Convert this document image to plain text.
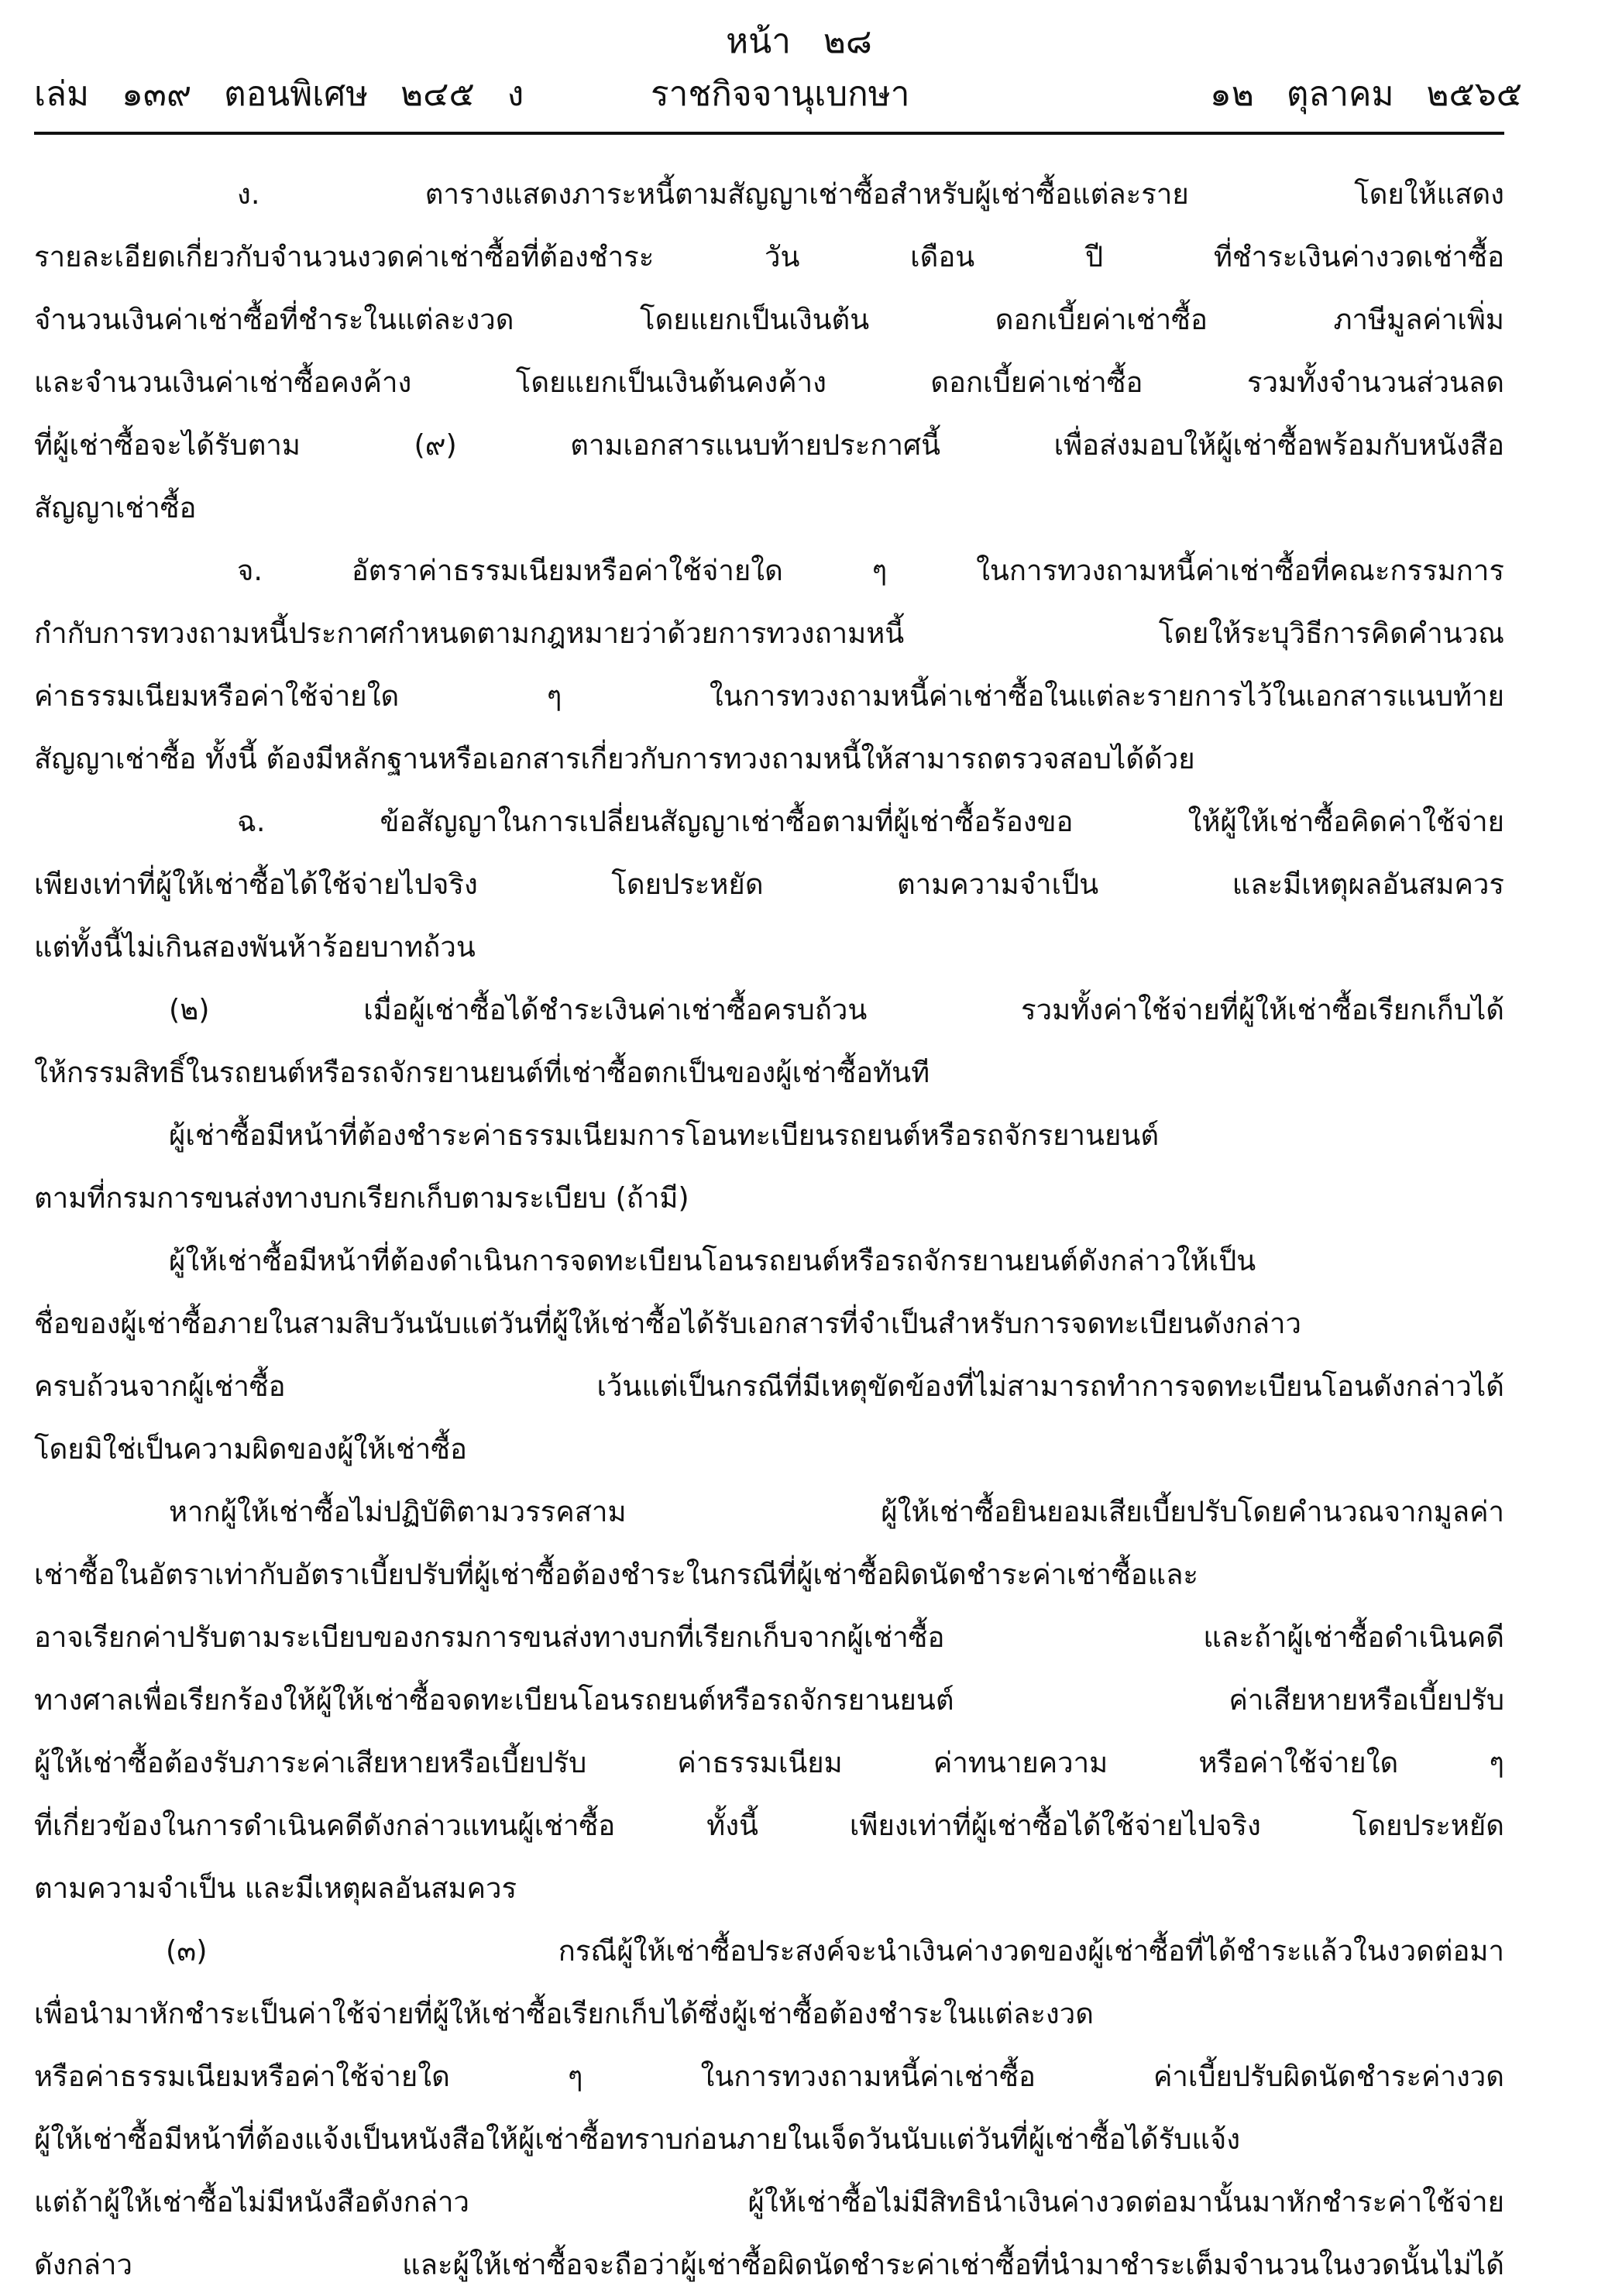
หน้า   ๒๘
เล่ม   ๑๓๙   ตอนพิเศษ   ๒๔๕   ง	ราชกิจจานุเบกษา	๑๒   ตุลาคม   ๒๕๖๕
ง. ตารางแสดงภาระหนี้ตามสัญญาเช่าซื้อสำหรับผู้เช่าซื้อแต่ละราย โดยให้แสดง
รายละเอียดเกี่ยวกับจำนวนงวดค่าเช่าซื้อที่ต้องชำระ วัน เดือน ปี ที่ชำระเงินค่างวดเช่าซื้อ
จำนวนเงินค่าเช่าซื้อที่ชำระในแต่ละงวด โดยแยกเป็นเงินต้น ดอกเบี้ยค่าเช่าซื้อ ภาษีมูลค่าเพิ่ม
และจำนวนเงินค่าเช่าซื้อคงค้าง โดยแยกเป็นเงินต้นคงค้าง ดอกเบี้ยค่าเช่าซื้อ รวมทั้งจำนวนส่วนลด
ที่ผู้เช่าซื้อจะได้รับตาม (๙) ตามเอกสารแนบท้ายประกาศนี้ เพื่อส่งมอบให้ผู้เช่าซื้อพร้อมกับหนังสือ
สัญญาเช่าซื้อ
จ. อัตราค่าธรรมเนียมหรือค่าใช้จ่ายใด ๆ ในการทวงถามหนี้ค่าเช่าซื้อที่คณะกรรมการ
กำกับการทวงถามหนี้ประกาศกำหนดตามกฎหมายว่าด้วยการทวงถามหนี้ โดยให้ระบุวิธีการคิดคำนวณ
ค่าธรรมเนียมหรือค่าใช้จ่ายใด ๆ ในการทวงถามหนี้ค่าเช่าซื้อในแต่ละรายการไว้ในเอกสารแนบท้าย
สัญญาเช่าซื้อ ทั้งนี้ ต้องมีหลักฐานหรือเอกสารเกี่ยวกับการทวงถามหนี้ให้สามารถตรวจสอบได้ด้วย
ฉ. ข้อสัญญาในการเปลี่ยนสัญญาเช่าซื้อตามที่ผู้เช่าซื้อร้องขอ ให้ผู้ให้เช่าซื้อคิดค่าใช้จ่าย
เพียงเท่าที่ผู้ให้เช่าซื้อได้ใช้จ่ายไปจริง โดยประหยัด ตามความจำเป็น และมีเหตุผลอันสมควร
แต่ทั้งนี้ไม่เกินสองพันห้าร้อยบาทถ้วน
(๒) เมื่อผู้เช่าซื้อได้ชำระเงินค่าเช่าซื้อครบถ้วน รวมทั้งค่าใช้จ่ายที่ผู้ให้เช่าซื้อเรียกเก็บได้
ให้กรรมสิทธิ์ในรถยนต์หรือรถจักรยานยนต์ที่เช่าซื้อตกเป็นของผู้เช่าซื้อทันที
ผู้เช่าซื้อมีหน้าที่ต้องชำระค่าธรรมเนียมการโอนทะเบียนรถยนต์หรือรถจักรยานยนต์
ตามที่กรมการขนส่งทางบกเรียกเก็บตามระเบียบ (ถ้ามี)
ผู้ให้เช่าซื้อมีหน้าที่ต้องดำเนินการจดทะเบียนโอนรถยนต์หรือรถจักรยานยนต์ดังกล่าวให้เป็น
ชื่อของผู้เช่าซื้อภายในสามสิบวันนับแต่วันที่ผู้ให้เช่าซื้อได้รับเอกสารที่จำเป็นสำหรับการจดทะเบียนดังกล่าว
ครบถ้วนจากผู้เช่าซื้อ เว้นแต่เป็นกรณีที่มีเหตุขัดข้องที่ไม่สามารถทำการจดทะเบียนโอนดังกล่าวได้
โดยมิใช่เป็นความผิดของผู้ให้เช่าซื้อ
หากผู้ให้เช่าซื้อไม่ปฏิบัติตามวรรคสาม ผู้ให้เช่าซื้อยินยอมเสียเบี้ยปรับโดยคำนวณจากมูลค่า
เช่าซื้อในอัตราเท่ากับอัตราเบี้ยปรับที่ผู้เช่าซื้อต้องชำระในกรณีที่ผู้เช่าซื้อผิดนัดชำระค่าเช่าซื้อและ
อาจเรียกค่าปรับตามระเบียบของกรมการขนส่งทางบกที่เรียกเก็บจากผู้เช่าซื้อ และถ้าผู้เช่าซื้อดำเนินคดี
ทางศาลเพื่อเรียกร้องให้ผู้ให้เช่าซื้อจดทะเบียนโอนรถยนต์หรือรถจักรยานยนต์ ค่าเสียหายหรือเบี้ยปรับ
ผู้ให้เช่าซื้อต้องรับภาระค่าเสียหายหรือเบี้ยปรับ ค่าธรรมเนียม ค่าทนายความ หรือค่าใช้จ่ายใด ๆ
ที่เกี่ยวข้องในการดำเนินคดีดังกล่าวแทนผู้เช่าซื้อ ทั้งนี้ เพียงเท่าที่ผู้เช่าซื้อได้ใช้จ่ายไปจริง โดยประหยัด
ตามความจำเป็น และมีเหตุผลอันสมควร
(๓) กรณีผู้ให้เช่าซื้อประสงค์จะนำเงินค่างวดของผู้เช่าซื้อที่ได้ชำระแล้วในงวดต่อมา
เพื่อนำมาหักชำระเป็นค่าใช้จ่ายที่ผู้ให้เช่าซื้อเรียกเก็บได้ซึ่งผู้เช่าซื้อต้องชำระในแต่ละงวด
หรือค่าธรรมเนียมหรือค่าใช้จ่ายใด ๆ ในการทวงถามหนี้ค่าเช่าซื้อ ค่าเบี้ยปรับผิดนัดชำระค่างวด
ผู้ให้เช่าซื้อมีหน้าที่ต้องแจ้งเป็นหนังสือให้ผู้เช่าซื้อทราบก่อนภายในเจ็ดวันนับแต่วันที่ผู้เช่าซื้อได้รับแจ้ง
แต่ถ้าผู้ให้เช่าซื้อไม่มีหนังสือดังกล่าว ผู้ให้เช่าซื้อไม่มีสิทธินำเงินค่างวดต่อมานั้นมาหักชำระค่าใช้จ่าย
ดังกล่าว และผู้ให้เช่าซื้อจะถือว่าผู้เช่าซื้อผิดนัดชำระค่าเช่าซื้อที่นำมาชำระเต็มจำนวนในงวดนั้นไม่ได้
